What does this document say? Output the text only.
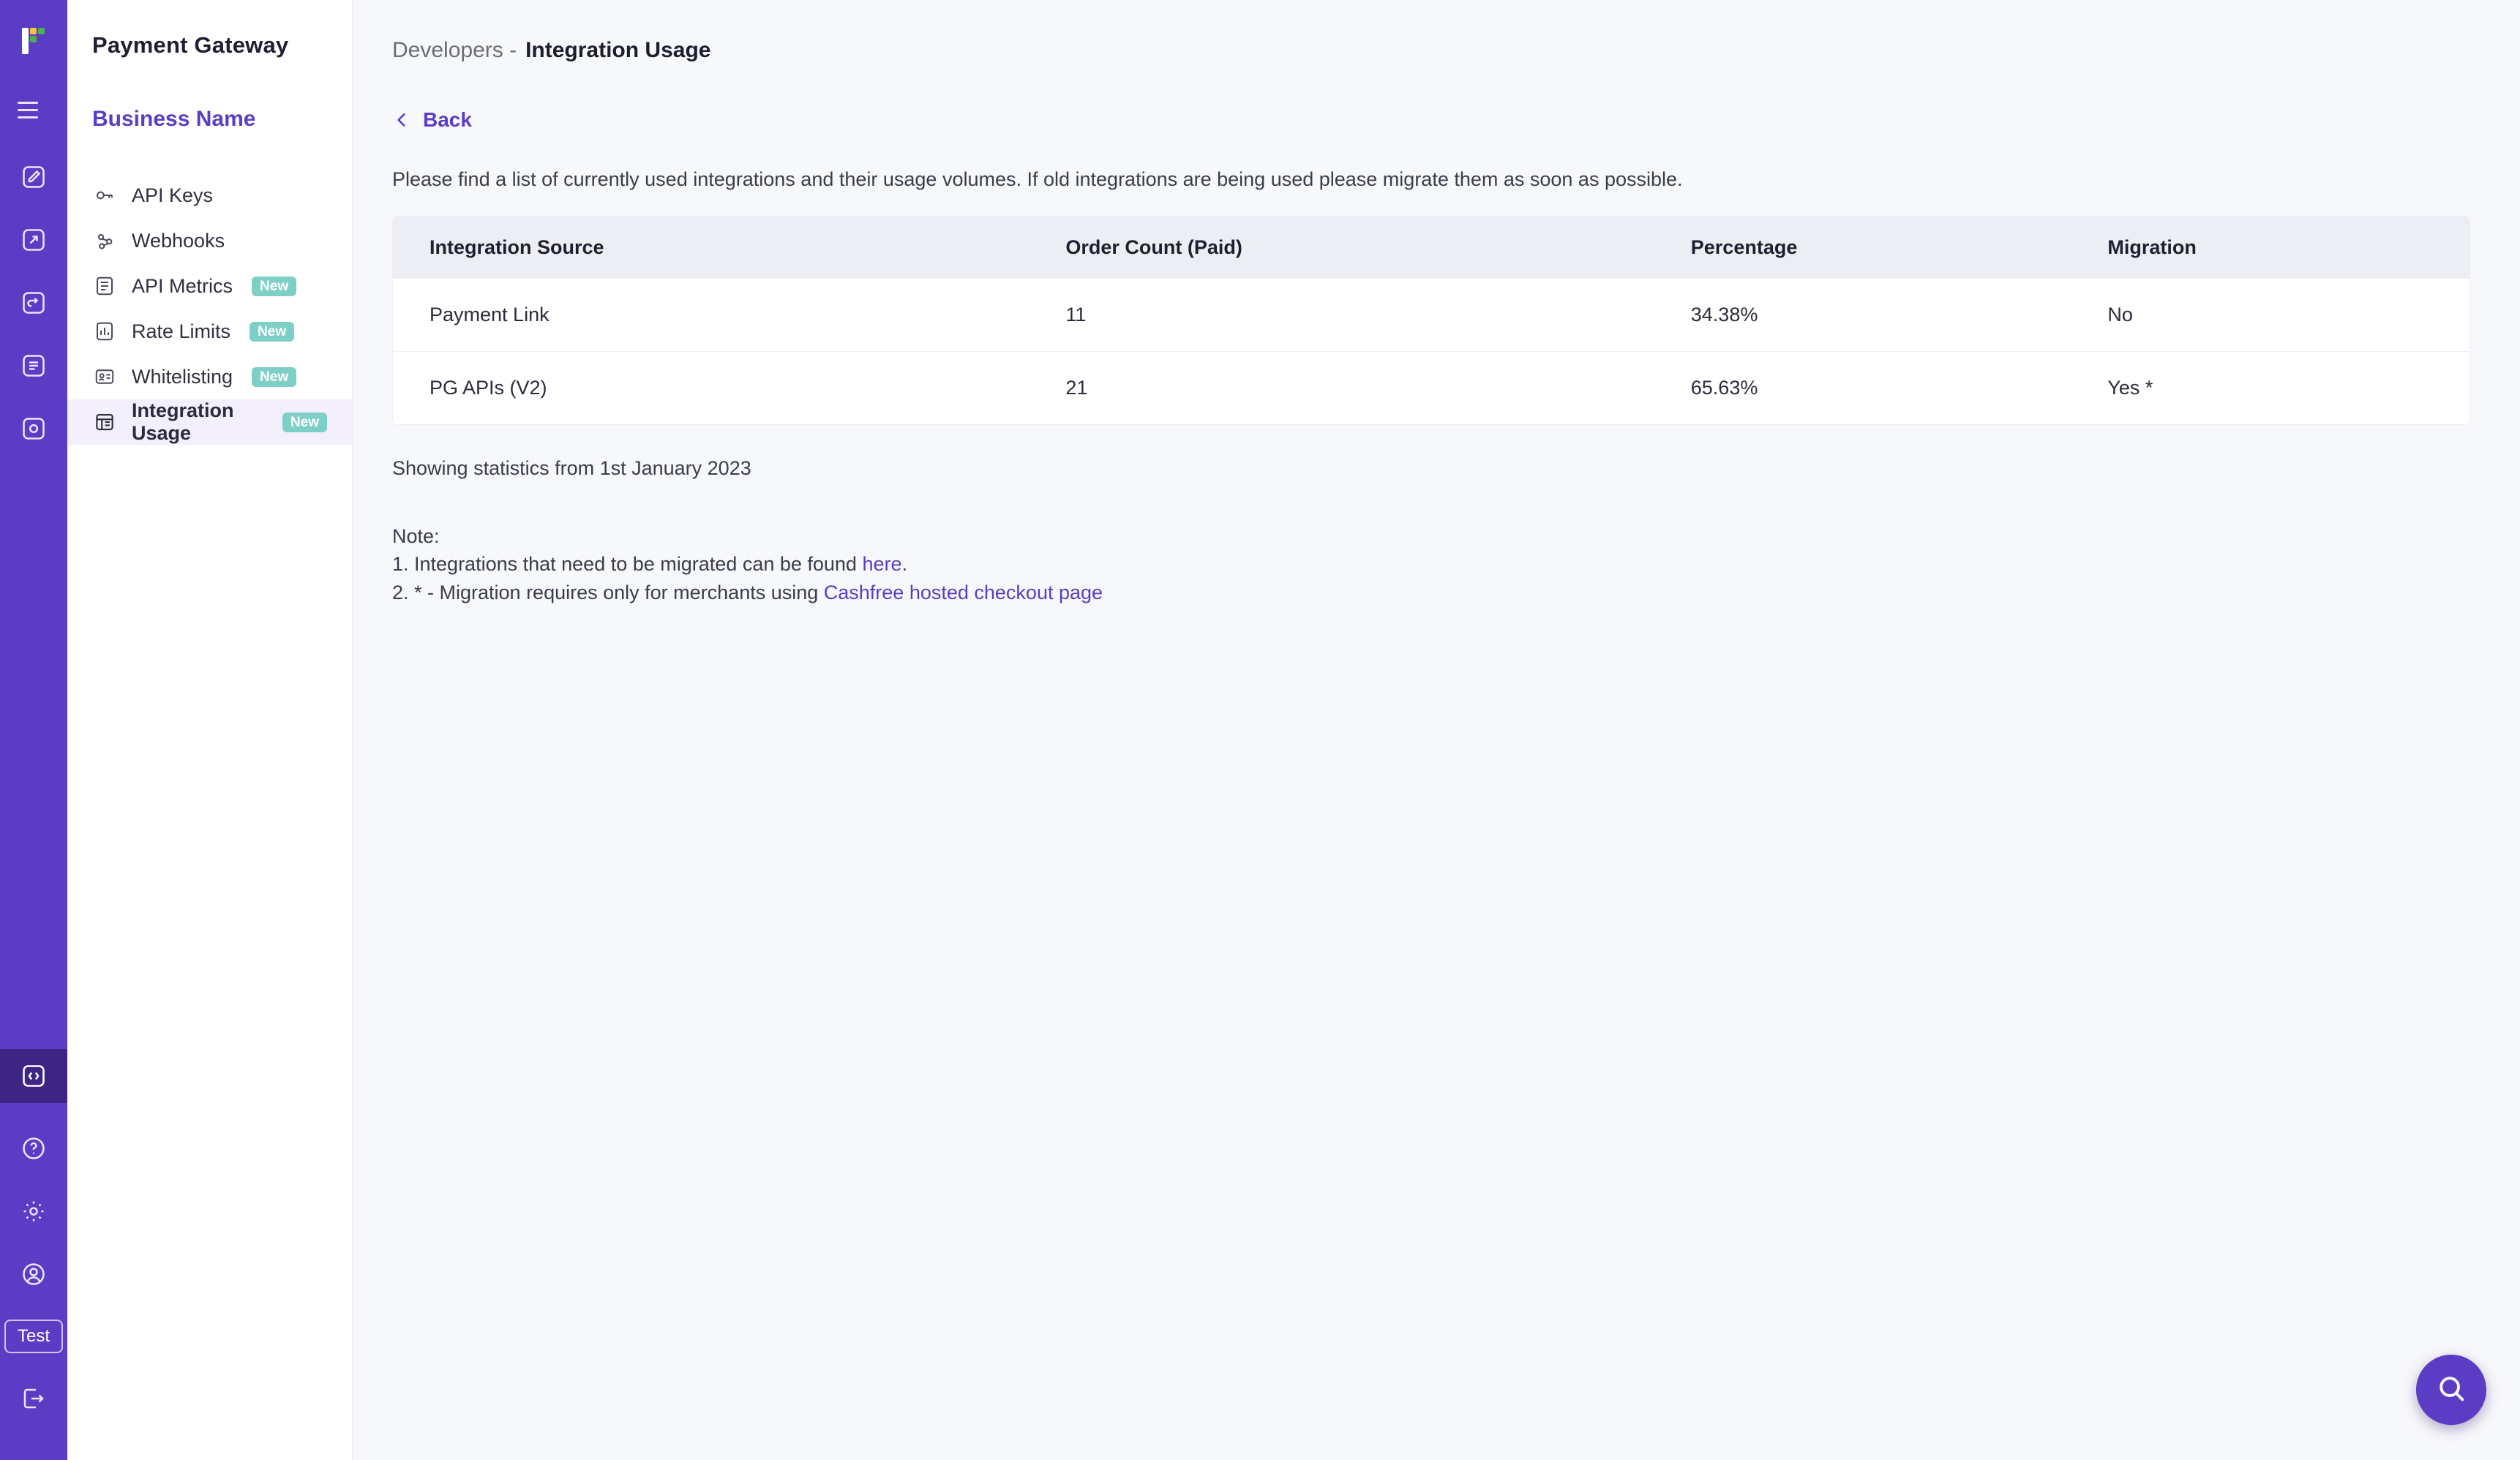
Test
Payment Gateway
Business Name
API Keys
Webhooks
API Metrics	New
Rate Limits	New
Whitelisting	New
Integration Usage	New
Developers - Integration Usage
Back
Please find a list of currently used integrations and their usage volumes. If old integrations are being used please migrate them as soon as possible.
Integration Source	Order Count (Paid)	Percentage	Migration
Payment Link	11	34.38%	No
PG APIs (V2)	21	65.63%	Yes *
Showing statistics from 1st January 2023
Note:
1. Integrations that need to be migrated can be found here.
2. * - Migration requires only for merchants using Cashfree hosted checkout page
